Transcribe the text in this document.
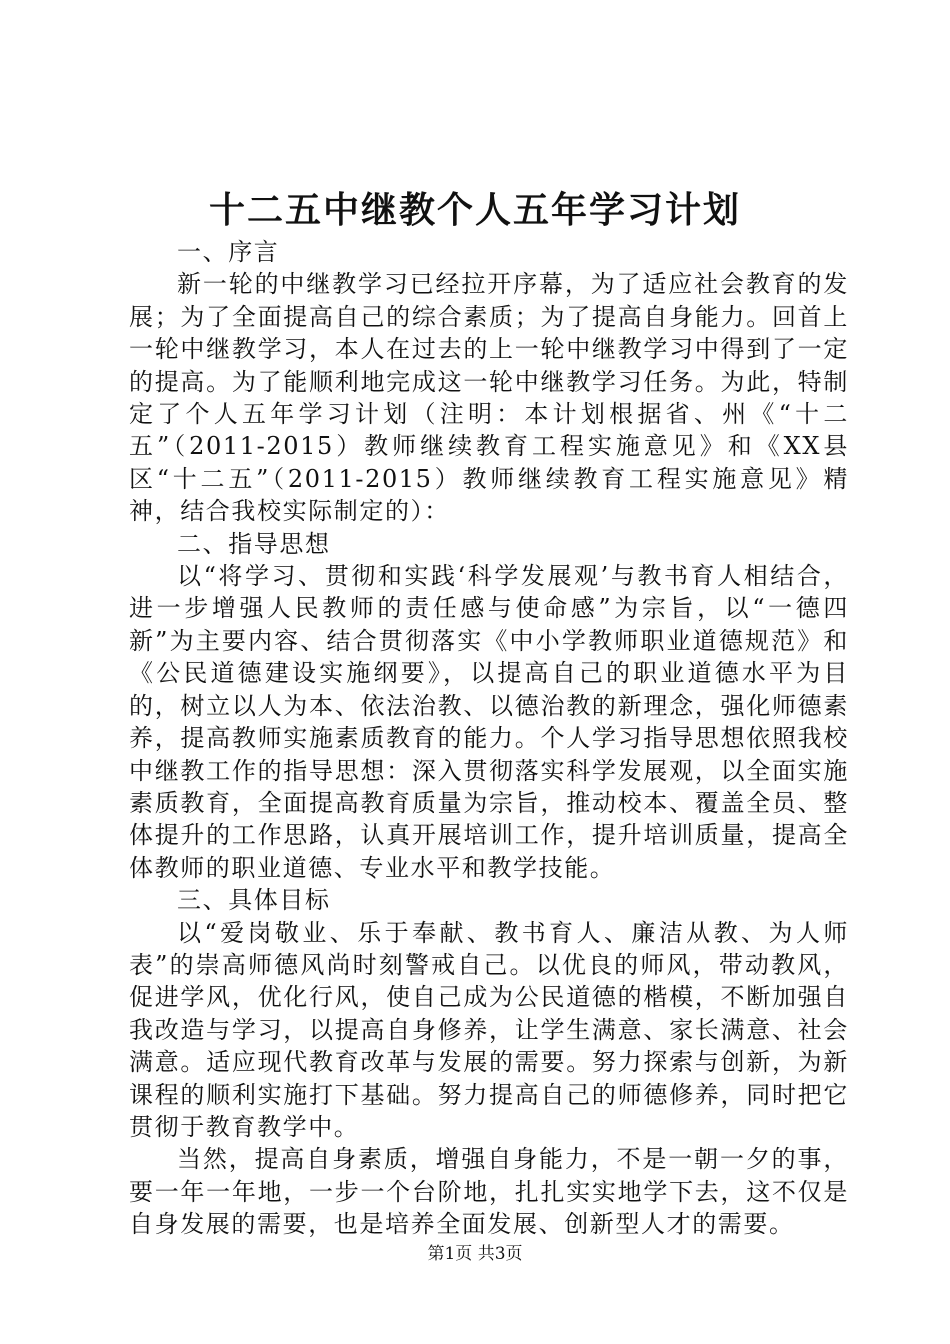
十二五中继教个人五年学习计划

一、序言

新一轮的中继教学习已经拉开序幕，为了适应社会教育的发展；为了全面提高自己的综合素质；为了提高自身能力。回首上一轮中继教学习，本人在过去的上一轮中继教学习中得到了一定的提高。为了能顺利地完成这一轮中继教学习任务。为此，特制定了个人五年学习计划（注明：本计划根据省、州《“十二五”（2011-2015）教师继续教育工程实施意见》和《XX县区“十二五”（2011-2015）教师继续教育工程实施意见》精神，结合我校实际制定的）：

二、指导思想

以“将学习、贯彻和实践‘科学发展观’与教书育人相结合，进一步增强人民教师的责任感与使命感”为宗旨，以“一德四新”为主要内容、结合贯彻落实《中小学教师职业道德规范》和《公民道德建设实施纲要》，以提高自己的职业道德水平为目的，树立以人为本、依法治教、以德治教的新理念，强化师德素养，提高教师实施素质教育的能力。个人学习指导思想依照我校中继教工作的指导思想：深入贯彻落实科学发展观，以全面实施素质教育，全面提高教育质量为宗旨，推动校本、覆盖全员、整体提升的工作思路，认真开展培训工作，提升培训质量，提高全体教师的职业道德、专业水平和教学技能。

三、具体目标

以“爱岗敬业、乐于奉献、教书育人、廉洁从教、为人师表”的崇高师德风尚时刻警戒自己。以优良的师风，带动教风，促进学风，优化行风，使自己成为公民道德的楷模，不断加强自我改造与学习，以提高自身修养，让学生满意、家长满意、社会满意。适应现代教育改革与发展的需要。努力探索与创新，为新课程的顺利实施打下基础。努力提高自己的师德修养，同时把它贯彻于教育教学中。

当然，提高自身素质，增强自身能力，不是一朝一夕的事，要一年一年地，一步一个台阶地，扎扎实实地学下去，这不仅是自身发展的需要，也是培养全面发展、创新型人才的需要。

第1页 共3页
